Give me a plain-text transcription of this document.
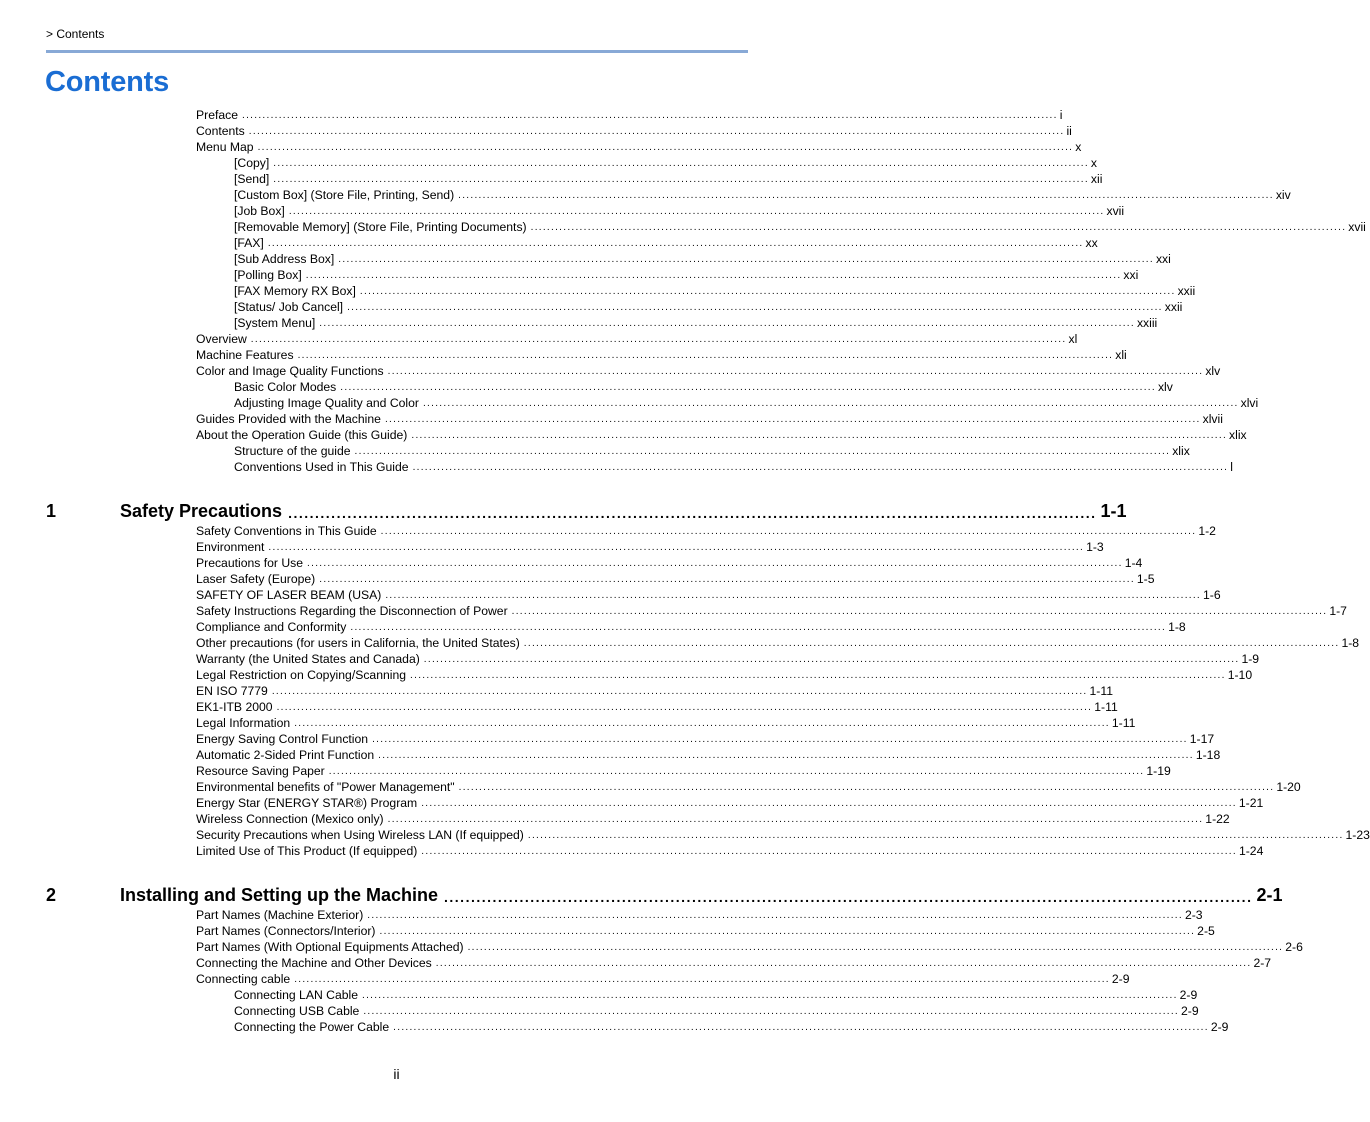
> Contents
Contents
Preface ........................................................................................................................................................................................................ i
Contents ........................................................................................................................................................................................................ ii
Menu Map ........................................................................................................................................................................................................ x
[Copy] ........................................................................................................................................................................................................ x
[Send] ........................................................................................................................................................................................................ xii
[Custom Box] (Store File, Printing, Send) ........................................................................................................................................................................................................ xiv
[Job Box] ........................................................................................................................................................................................................ xvii
[Removable Memory] (Store File, Printing Documents) ........................................................................................................................................................................................................ xvii
[FAX] ........................................................................................................................................................................................................ xx
[Sub Address Box] ........................................................................................................................................................................................................ xxi
[Polling Box] ........................................................................................................................................................................................................ xxi
[FAX Memory RX Box] ........................................................................................................................................................................................................ xxii
[Status/ Job Cancel] ........................................................................................................................................................................................................ xxii
[System Menu] ........................................................................................................................................................................................................ xxiii
Overview ........................................................................................................................................................................................................ xl
Machine Features ........................................................................................................................................................................................................ xli
Color and Image Quality Functions ........................................................................................................................................................................................................ xlv
Basic Color Modes ........................................................................................................................................................................................................ xlv
Adjusting Image Quality and Color ........................................................................................................................................................................................................ xlvi
Guides Provided with the Machine ........................................................................................................................................................................................................ xlvii
About the Operation Guide (this Guide) ........................................................................................................................................................................................................ xlix
Structure of the guide ........................................................................................................................................................................................................ xlix
Conventions Used in This Guide ........................................................................................................................................................................................................ l
1	Safety Precautions ...................................................................................................................................................... 1-1
Safety Conventions in This Guide ........................................................................................................................................................................................................ 1-2
Environment ........................................................................................................................................................................................................ 1-3
Precautions for Use ........................................................................................................................................................................................................ 1-4
Laser Safety (Europe) ........................................................................................................................................................................................................ 1-5
SAFETY OF LASER BEAM (USA) ........................................................................................................................................................................................................ 1-6
Safety Instructions Regarding the Disconnection of Power ........................................................................................................................................................................................................ 1-7
Compliance and Conformity ........................................................................................................................................................................................................ 1-8
Other precautions (for users in California, the United States) ........................................................................................................................................................................................................ 1-8
Warranty (the United States and Canada) ........................................................................................................................................................................................................ 1-9
Legal Restriction on Copying/Scanning ........................................................................................................................................................................................................ 1-10
EN ISO 7779 ........................................................................................................................................................................................................ 1-11
EK1-ITB 2000 ........................................................................................................................................................................................................ 1-11
Legal Information ........................................................................................................................................................................................................ 1-11
Energy Saving Control Function ........................................................................................................................................................................................................ 1-17
Automatic 2-Sided Print Function ........................................................................................................................................................................................................ 1-18
Resource Saving Paper ........................................................................................................................................................................................................ 1-19
Environmental benefits of "Power Management" ........................................................................................................................................................................................................ 1-20
Energy Star (ENERGY STAR®) Program ........................................................................................................................................................................................................ 1-21
Wireless Connection (Mexico only) ........................................................................................................................................................................................................ 1-22
Security Precautions when Using Wireless LAN (If equipped) ........................................................................................................................................................................................................ 1-23
Limited Use of This Product (If equipped) ........................................................................................................................................................................................................ 1-24
2	Installing and Setting up the Machine ...................................................................................................................................................... 2-1
Part Names (Machine Exterior) ........................................................................................................................................................................................................ 2-3
Part Names (Connectors/Interior) ........................................................................................................................................................................................................ 2-5
Part Names (With Optional Equipments Attached) ........................................................................................................................................................................................................ 2-6
Connecting the Machine and Other Devices ........................................................................................................................................................................................................ 2-7
Connecting cable ........................................................................................................................................................................................................ 2-9
Connecting LAN Cable ........................................................................................................................................................................................................ 2-9
Connecting USB Cable ........................................................................................................................................................................................................ 2-9
Connecting the Power Cable ........................................................................................................................................................................................................ 2-9
ii
